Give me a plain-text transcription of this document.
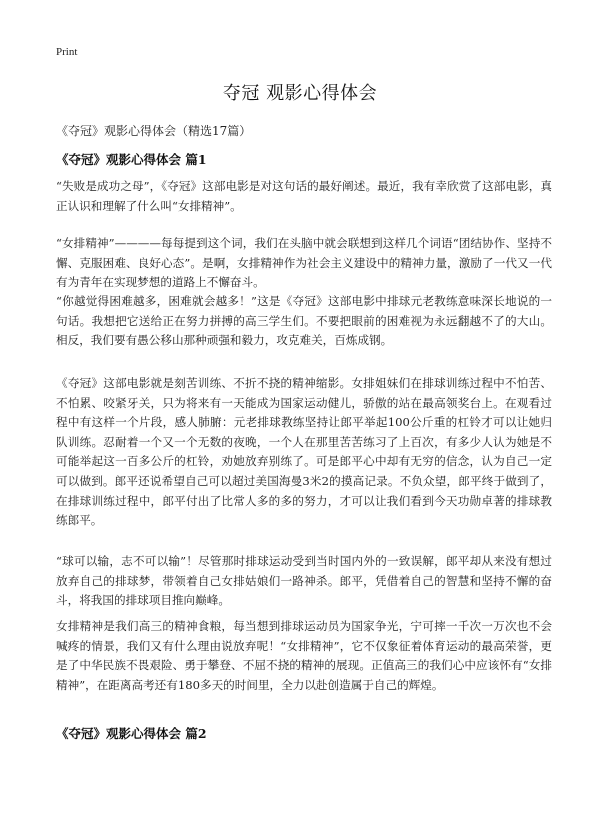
Print
夺冠 观影心得体会
《夺冠》观影心得体会（精选17篇）
《夺冠》观影心得体会 篇1
“失败是成功之母”，《夺冠》这部电影是对这句话的最好阐述。最近，我有幸欣赏了这部电影，真正认识和理解了什么叫“女排精神”。
“女排精神”————每每提到这个词，我们在头脑中就会联想到这样几个词语“团结协作、坚持不懈、克服困难、良好心态”。是啊，女排精神作为社会主义建设中的精神力量，激励了一代又一代有为青年在实现梦想的道路上不懈奋斗。
“你越觉得困难越多，困难就会越多！”这是《夺冠》这部电影中排球元老教练意味深长地说的一句话。我想把它送给正在努力拼搏的高三学生们。不要把眼前的困难视为永远翻越不了的大山。相反，我们要有愚公移山那种顽强和毅力，攻克难关，百炼成钢。
《夺冠》这部电影就是刻苦训练、不折不挠的精神缩影。女排姐妹们在排球训练过程中不怕苦、不怕累、咬紧牙关，只为将来有一天能成为国家运动健儿，骄傲的站在最高领奖台上。在观看过程中有这样一个片段，感人肺腑：元老排球教练坚持让郎平举起100公斤重的杠铃才可以让她归队训练。忍耐着一个又一个无数的夜晚，一个人在那里苦苦练习了上百次，有多少人认为她是不可能举起这一百多公斤的杠铃，劝她放弃别练了。可是郎平心中却有无穷的信念，认为自己一定可以做到。郎平还说希望自己可以超过美国海曼3米2的摸高记录。不负众望，郎平终于做到了，在排球训练过程中，郎平付出了比常人多的多的努力，才可以让我们看到今天功勋卓著的排球教练郎平。
“球可以输，志不可以输”！尽管那时排球运动受到当时国内外的一致误解，郎平却从来没有想过放弃自己的排球梦，带领着自己女排姑娘们一路神杀。郎平，凭借着自己的智慧和坚持不懈的奋斗，将我国的排球项目推向巅峰。
女排精神是我们高三的精神食粮，每当想到排球运动员为国家争光，宁可摔一千次一万次也不会喊疼的情景，我们又有什么理由说放弃呢！“女排精神”，它不仅象征着体育运动的最高荣誉，更是了中华民族不畏艰险、勇于攀登、不屈不挠的精神的展现。正值高三的我们心中应该怀有“女排精神”，在距离高考还有180多天的时间里，全力以赴创造属于自己的辉煌。
《夺冠》观影心得体会 篇2
